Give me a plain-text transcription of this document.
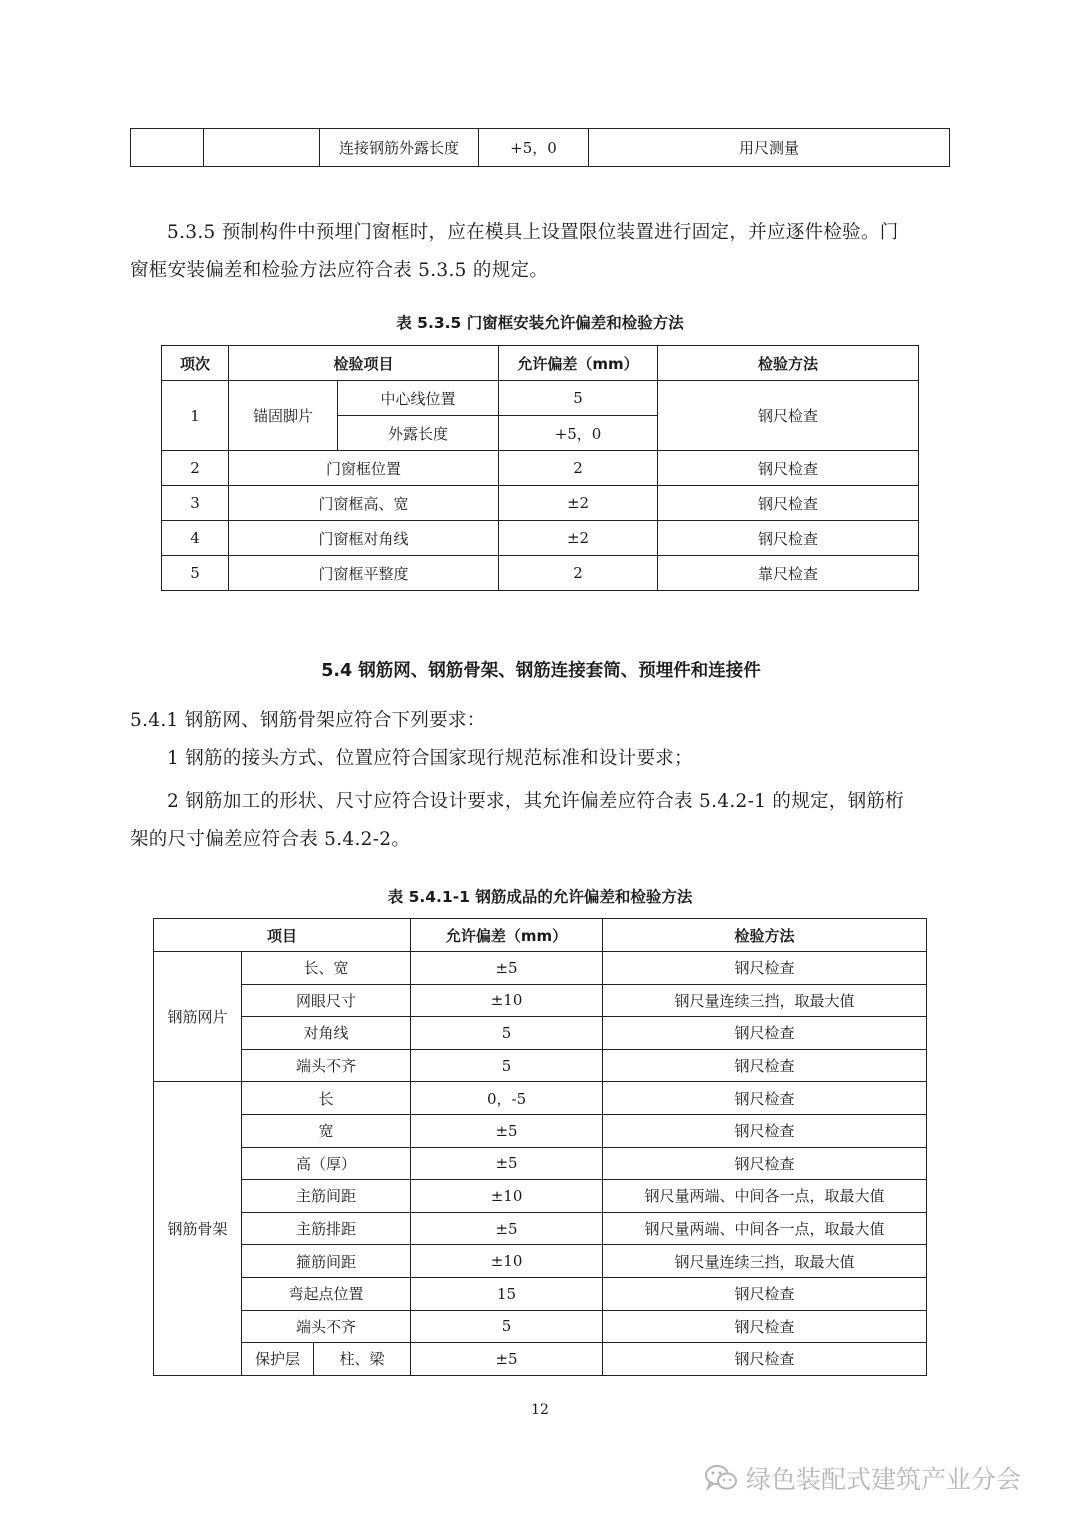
		连接钢筋外露长度	+5，0	用尺测量
5.3.5 预制构件中预埋门窗框时，应在模具上设置限位装置进行固定，并应逐件检验。门
窗框安装偏差和检验方法应符合表 5.3.5 的规定。
表 5.3.5 门窗框安装允许偏差和检验方法
项次	检验项目		允许偏差（mm）	检验方法
1	锚固脚片	中心线位置	5	钢尺检查
		外露长度	+5，0	
2	门窗框位置		2	钢尺检查
3	门窗框高、宽		±2	钢尺检查
4	门窗框对角线		±2	钢尺检查
5	门窗框平整度		2	靠尺检查
5.4 钢筋网、钢筋骨架、钢筋连接套筒、预埋件和连接件
5.4.1 钢筋网、钢筋骨架应符合下列要求：
1 钢筋的接头方式、位置应符合国家现行规范标准和设计要求；
2 钢筋加工的形状、尺寸应符合设计要求，其允许偏差应符合表 5.4.2-1 的规定，钢筋桁
架的尺寸偏差应符合表 5.4.2-2。
表 5.4.1-1 钢筋成品的允许偏差和检验方法
项目			允许偏差（mm）	检验方法
钢筋网片	长、宽		±5	钢尺检查
	网眼尺寸		±10	钢尺量连续三挡，取最大值
	对角线		5	钢尺检查
	端头不齐		5	钢尺检查
钢筋骨架	长		0，-5	钢尺检查
	宽		±5	钢尺检查
	高（厚）		±5	钢尺检查
	主筋间距		±10	钢尺量两端、中间各一点，取最大值
	主筋排距		±5	钢尺量两端、中间各一点，取最大值
	箍筋间距		±10	钢尺量连续三挡，取最大值
	弯起点位置		15	钢尺检查
	端头不齐		5	钢尺检查
	保护层	柱、梁	±5	钢尺检查
12
绿色装配式建筑产业分会
